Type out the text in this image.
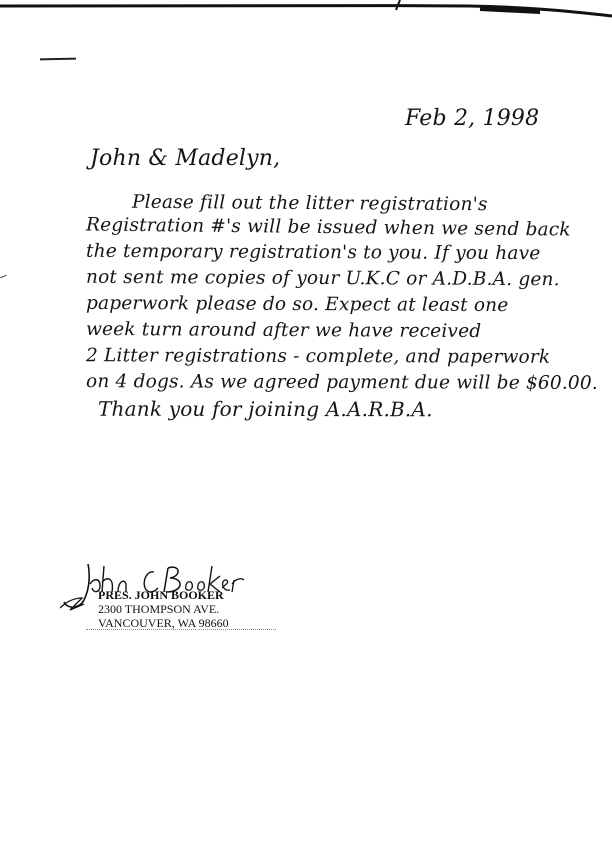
Feb 2, 1998
John & Madelyn,
Please fill out the litter registration's
Registration #'s will be issued when we send back
the temporary registration's to you. If you have
not sent me copies of your U.K.C or A.D.B.A. gen.
paperwork please do so. Expect at least one
week turn around after we have received
2 Litter registrations - complete, and paperwork
on 4 dogs. As we agreed payment due will be $60.00.
Thank you for joining A.A.R.B.A.
PRES. JOHN BOOKER
2300 THOMPSON AVE.
VANCOUVER, WA 98660
